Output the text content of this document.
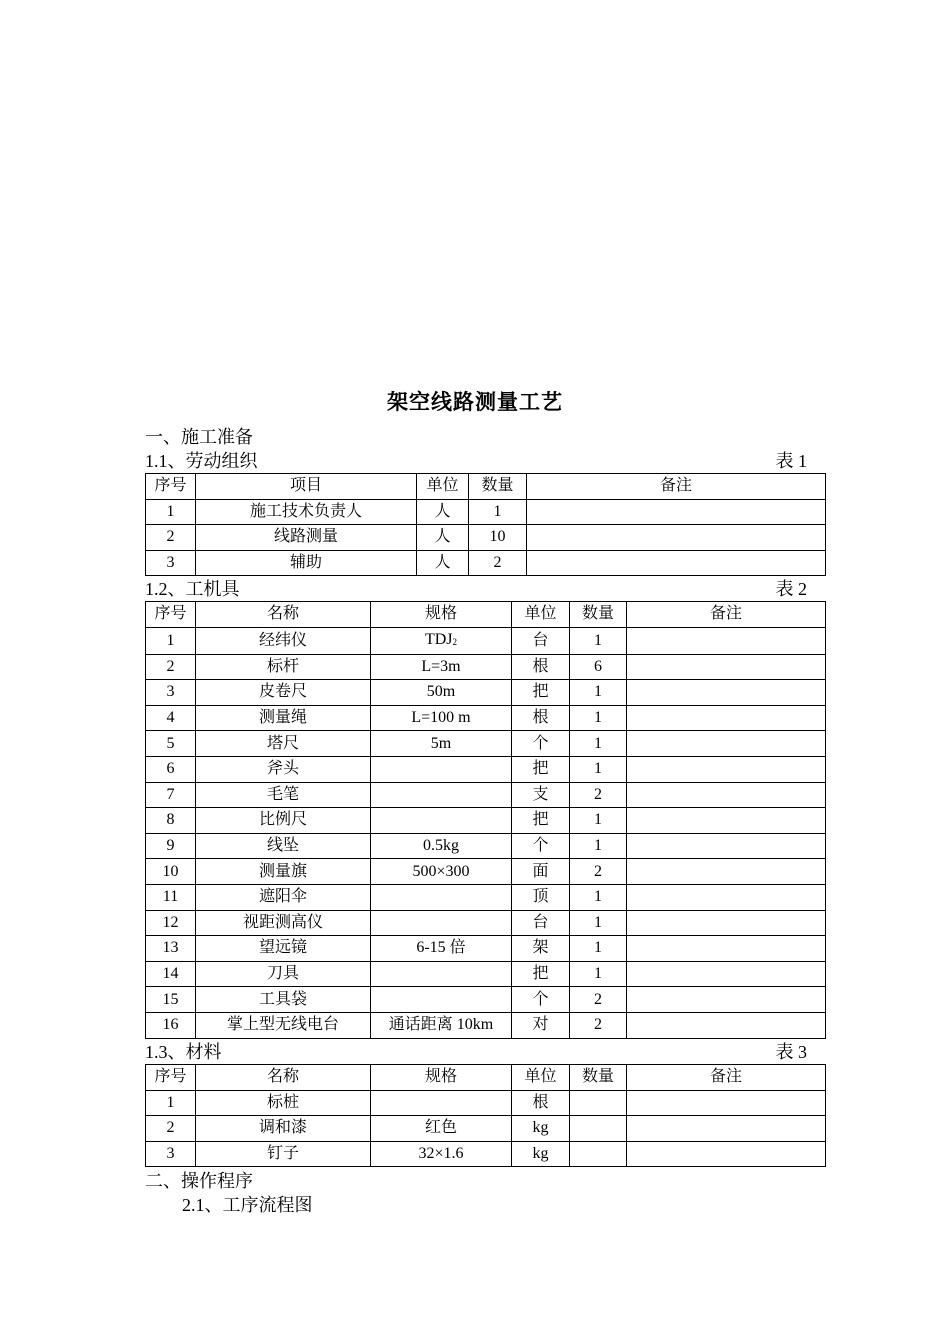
架空线路测量工艺
一、施工准备
1.1、劳动组织	表 1
序号	项目	单位	数量	备注
1	施工技术负责人	人	1	
2	线路测量	人	10	
3	辅助	人	2	
1.2、工机具	表 2
序号	名称	规格	单位	数量	备注
1	经纬仪	$TDJ_2$	台	1	
2	标杆	L=3m	根	6	
3	皮卷尺	50m	把	1	
4	测量绳	L=100 m	根	1	
5	塔尺	5m	个	1	
6	斧头		把	1	
7	毛笔		支	2	
8	比例尺		把	1	
9	线坠	0.5kg	个	1	
10	测量旗	500×300	面	2	
11	遮阳伞		顶	1	
12	视距测高仪		台	1	
13	望远镜	6-15 倍	架	1	
14	刀具		把	1	
15	工具袋		个	2	
16	掌上型无线电台	通话距离 10km	对	2	
1.3、材料	表 3
序号	名称	规格	单位	数量	备注
1	标桩		根		
2	调和漆	红色	kg		
3	钉子	32×1.6	kg		
二、操作程序
2.1、工序流程图
